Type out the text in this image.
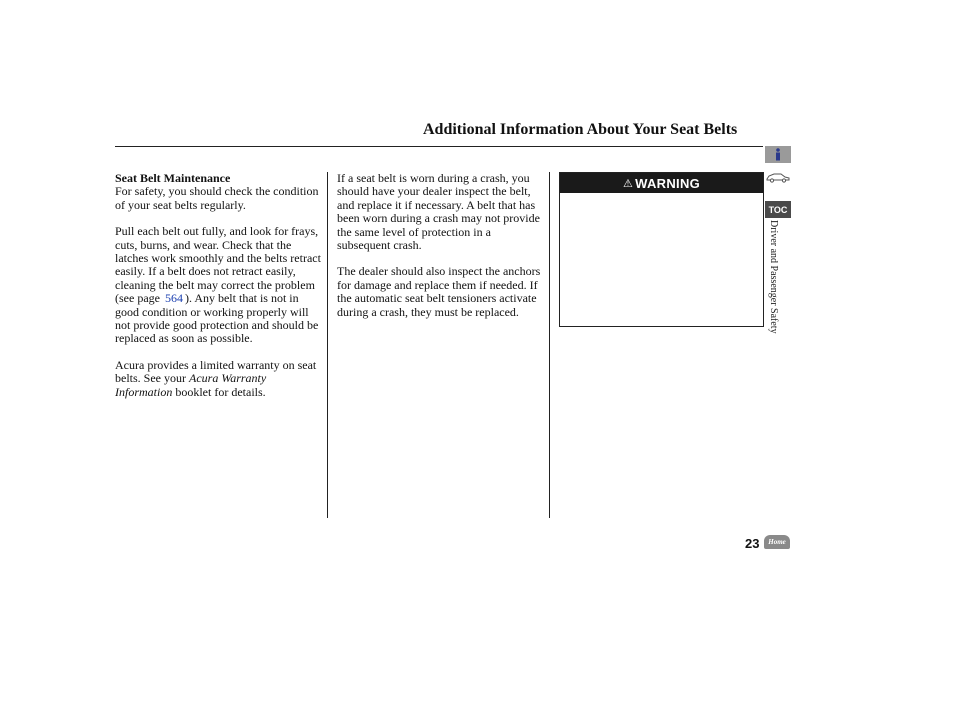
Additional Information About Your Seat Belts
Seat Belt Maintenance

For safety, you should check the condition of your seat belts regularly.

Pull each belt out fully, and look for frays, cuts, burns, and wear. Check that the latches work smoothly and the belts retract easily. If a belt does not retract easily, cleaning the belt may correct the problem (see page 564 ). Any belt that is not in good condition or working properly will not provide good protection and should be replaced as soon as possible.

Acura provides a limited warranty on seat belts. See your Acura Warranty Information booklet for details.

If a seat belt is worn during a crash, you should have your dealer inspect the belt, and replace it if necessary. A belt that has been worn during a crash may not provide the same level of protection in a subsequent crash.

The dealer should also inspect the anchors for damage and replace them if needed. If the automatic seat belt tensioners activate during a crash, they must be replaced.

⚠ WARNING
TOC
Driver and Passenger Safety
23	Home
